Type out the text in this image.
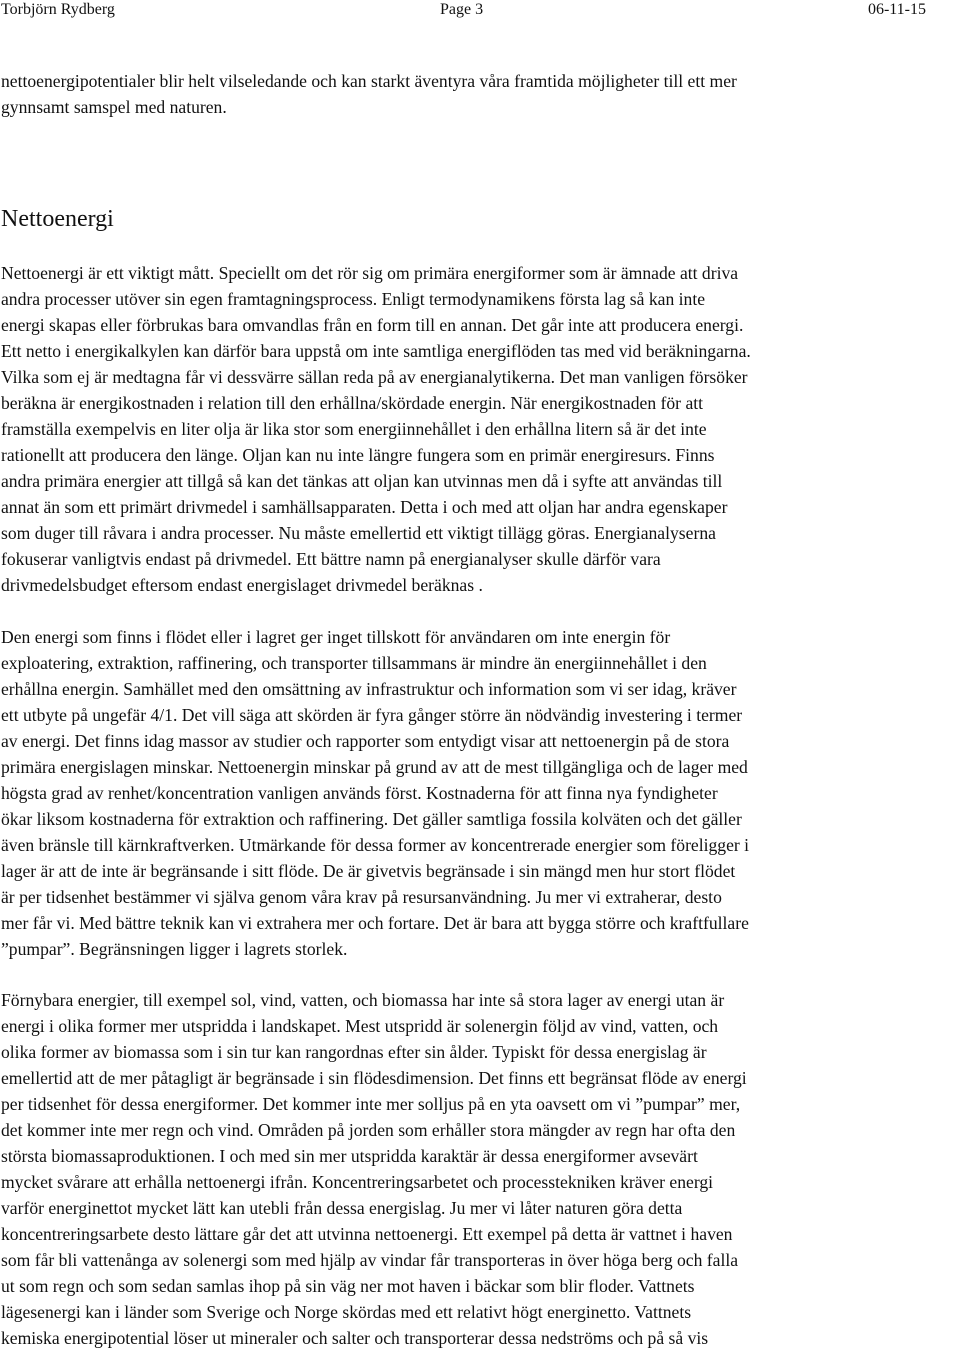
Torbjörn Rydberg	Page 3	06-11-15
nettoenergipotentialer blir helt vilseledande och kan starkt äventyra våra framtida möjligheter till ett mer
gynnsamt samspel med naturen.
Nettoenergi
Nettoenergi är ett viktigt mått. Speciellt om det rör sig om primära energiformer som är ämnade att driva
andra processer utöver sin egen framtagningsprocess. Enligt termodynamikens första lag så kan inte
energi skapas eller förbrukas bara omvandlas från en form till en annan. Det går inte att producera energi.
Ett netto i energikalkylen kan därför bara uppstå om inte samtliga energiflöden tas med vid beräkningarna.
Vilka som ej är medtagna får vi dessvärre sällan reda på av energianalytikerna. Det man vanligen försöker
beräkna är energikostnaden i relation till den erhållna/skördade energin. När energikostnaden för att
framställa exempelvis en liter olja är lika stor som energiinnehållet i den erhållna litern så är det inte
rationellt att producera den länge. Oljan kan nu inte längre fungera som en primär energiresurs. Finns
andra primära energier att tillgå så kan det tänkas att oljan kan utvinnas men då i syfte att användas till
annat än som ett primärt drivmedel i samhällsapparaten. Detta i och med att oljan har andra egenskaper
som duger till råvara i andra processer. Nu måste emellertid ett viktigt tillägg göras. Energianalyserna
fokuserar vanligtvis endast på drivmedel. Ett bättre namn på energianalyser skulle därför vara
drivmedelsbudget eftersom endast energislaget drivmedel beräknas .
Den energi som finns i flödet eller i lagret ger inget tillskott för användaren om inte energin för
exploatering, extraktion, raffinering, och transporter tillsammans är mindre än energiinnehållet i den
erhållna energin. Samhället med den omsättning av infrastruktur och information som vi ser idag, kräver
ett utbyte på ungefär 4/1. Det vill säga att skörden är fyra gånger större än nödvändig investering i termer
av energi. Det finns idag massor av studier och rapporter som entydigt visar att nettoenergin på de stora
primära energislagen minskar. Nettoenergin minskar på grund av att de mest tillgängliga och de lager med
högsta grad av renhet/koncentration vanligen används först. Kostnaderna för att finna nya fyndigheter
ökar liksom kostnaderna för extraktion och raffinering. Det gäller samtliga fossila kolväten och det gäller
även bränsle till kärnkraftverken. Utmärkande för dessa former av koncentrerade energier som föreligger i
lager är att de inte är begränsande i sitt flöde. De är givetvis begränsade i sin mängd men hur stort flödet
är per tidsenhet bestämmer vi själva genom våra krav på resursanvändning. Ju mer vi extraherar, desto
mer får vi. Med bättre teknik kan vi extrahera mer och fortare. Det är bara att bygga större och kraftfullare
”pumpar”. Begränsningen ligger i lagrets storlek.
Förnybara energier, till exempel sol, vind, vatten, och biomassa har inte så stora lager av energi utan är
energi i olika former mer utspridda i landskapet. Mest utspridd är solenergin följd av vind, vatten, och
olika former av biomassa som i sin tur kan rangordnas efter sin ålder. Typiskt för dessa energislag är
emellertid att de mer påtagligt är begränsade i sin flödesdimension. Det finns ett begränsat flöde av energi
per tidsenhet för dessa energiformer. Det kommer inte mer solljus på en yta oavsett om vi ”pumpar” mer,
det kommer inte mer regn och vind. Områden på jorden som erhåller stora mängder av regn har ofta den
största biomassaproduktionen. I och med sin mer utspridda karaktär är dessa energiformer avsevärt
mycket svårare att erhålla nettoenergi ifrån. Koncentreringsarbetet och processtekniken kräver energi
varför energinettot mycket lätt kan utebli från dessa energislag. Ju mer vi låter naturen göra detta
koncentreringsarbete desto lättare går det att utvinna nettoenergi. Ett exempel på detta är vattnet i haven
som får bli vattenånga av solenergi som med hjälp av vindar får transporteras in över höga berg och falla
ut som regn och som sedan samlas ihop på sin väg ner mot haven i bäckar som blir floder. Vattnets
lägesenergi kan i länder som Sverige och Norge skördas med ett relativt högt energinetto. Vattnets
kemiska energipotential löser ut mineraler och salter och transporterar dessa nedströms och på så vis
